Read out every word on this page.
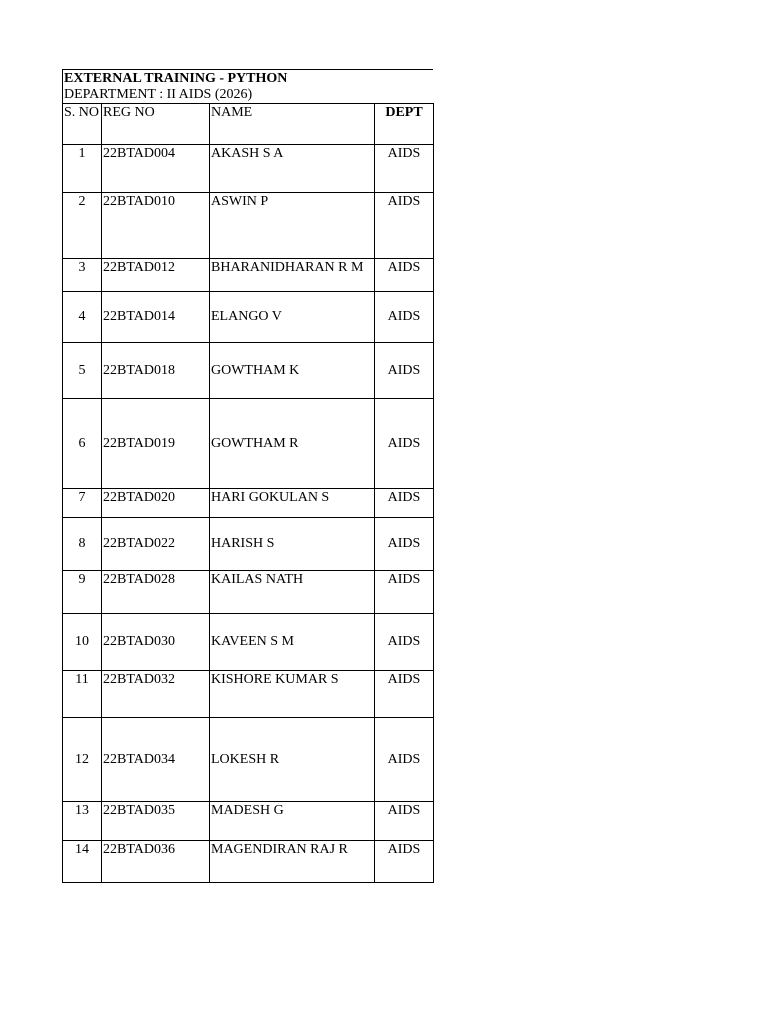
EXTERNAL TRAINING - PYTHON
DEPARTMENT : II AIDS (2026)
S. NO	REG NO	NAME	DEPT
1	22BTAD004	AKASH S A	AIDS
2	22BTAD010	ASWIN P	AIDS
3	22BTAD012	BHARANIDHARAN R M	AIDS
4	22BTAD014	ELANGO V	AIDS
5	22BTAD018	GOWTHAM K	AIDS
6	22BTAD019	GOWTHAM R	AIDS
7	22BTAD020	HARI GOKULAN S	AIDS
8	22BTAD022	HARISH S	AIDS
9	22BTAD028	KAILAS NATH	AIDS
10	22BTAD030	KAVEEN S M	AIDS
11	22BTAD032	KISHORE KUMAR S	AIDS
12	22BTAD034	LOKESH R	AIDS
13	22BTAD035	MADESH G	AIDS
14	22BTAD036	MAGENDIRAN RAJ R	AIDS
